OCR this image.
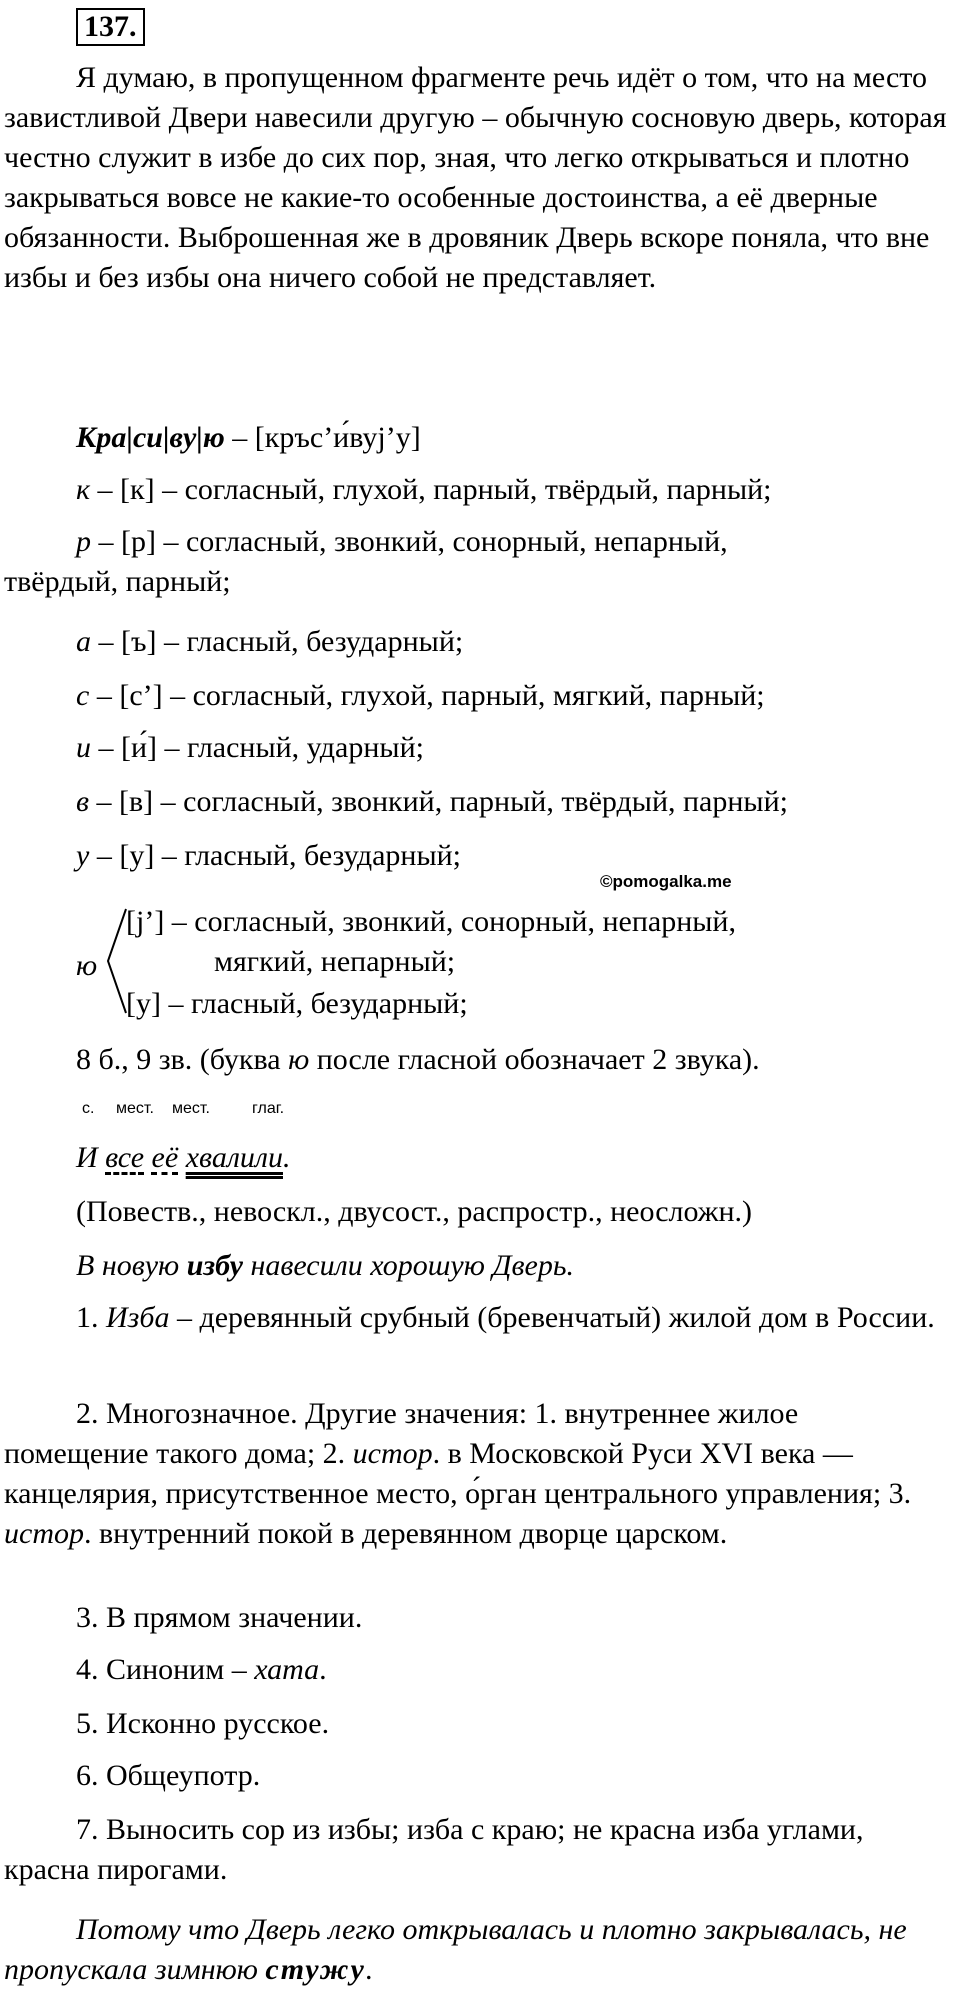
137.
Я думаю, в пропущенном фрагменте речь идёт о том, что на место завистливой Двери навесили другую – обычную сосновую дверь, которая честно служит в избе до сих пор, зная, что легко открываться и плотно закрываться вовсе не какие-то особенные достоинства, а её дверные обязанности. Выброшенная же в дровяник Дверь вскоре поняла, что вне избы и без избы она ничего собой не представляет.
Кра|си|ву|ю – [кръс’и́вуj’у]
к – [к] – согласный, глухой, парный, твёрдый, парный;
р – [р] – согласный, звонкий, сонорный, непарный,
твёрдый, парный;
а – [ъ] – гласный, безударный;
с – [с’] – согласный, глухой, парный, мягкий, парный;
и – [и́] – гласный, ударный;
в – [в] – согласный, звонкий, парный, твёрдый, парный;
у – [у] – гласный, безударный;
©pomogalka.me
ю
[j’] – согласный, звонкий, сонорный, непарный,
мягкий, непарный;
[у] – гласный, безударный;
8 б., 9 зв. (буква ю после гласной обозначает 2 звука).
с. мест. мест.	глаг.
И все её хвалили.
(Повеств., невоскл., двусост., распростр., неосложн.)
В новую избу навесили хорошую Дверь.
1. Изба – деревянный срубный (бревенчатый) жилой дом в России.
2. Многозначное. Другие значения: 1. внутреннее жилое помещение такого дома; 2. истор. в Московской Руси XVI века — канцелярия, присутственное место, о́рган центрального управления; 3. истор. внутренний покой в деревянном дворце царском.
3. В прямом значении.
4. Синоним – хата.
5. Исконно русское.
6. Общеупотр.
7. Выносить сор из избы; изба с краю; не красна изба углами, красна пирогами.
Потому что Дверь легко открывалась и плотно закрывалась, не пропускала зимнюю стужу.
